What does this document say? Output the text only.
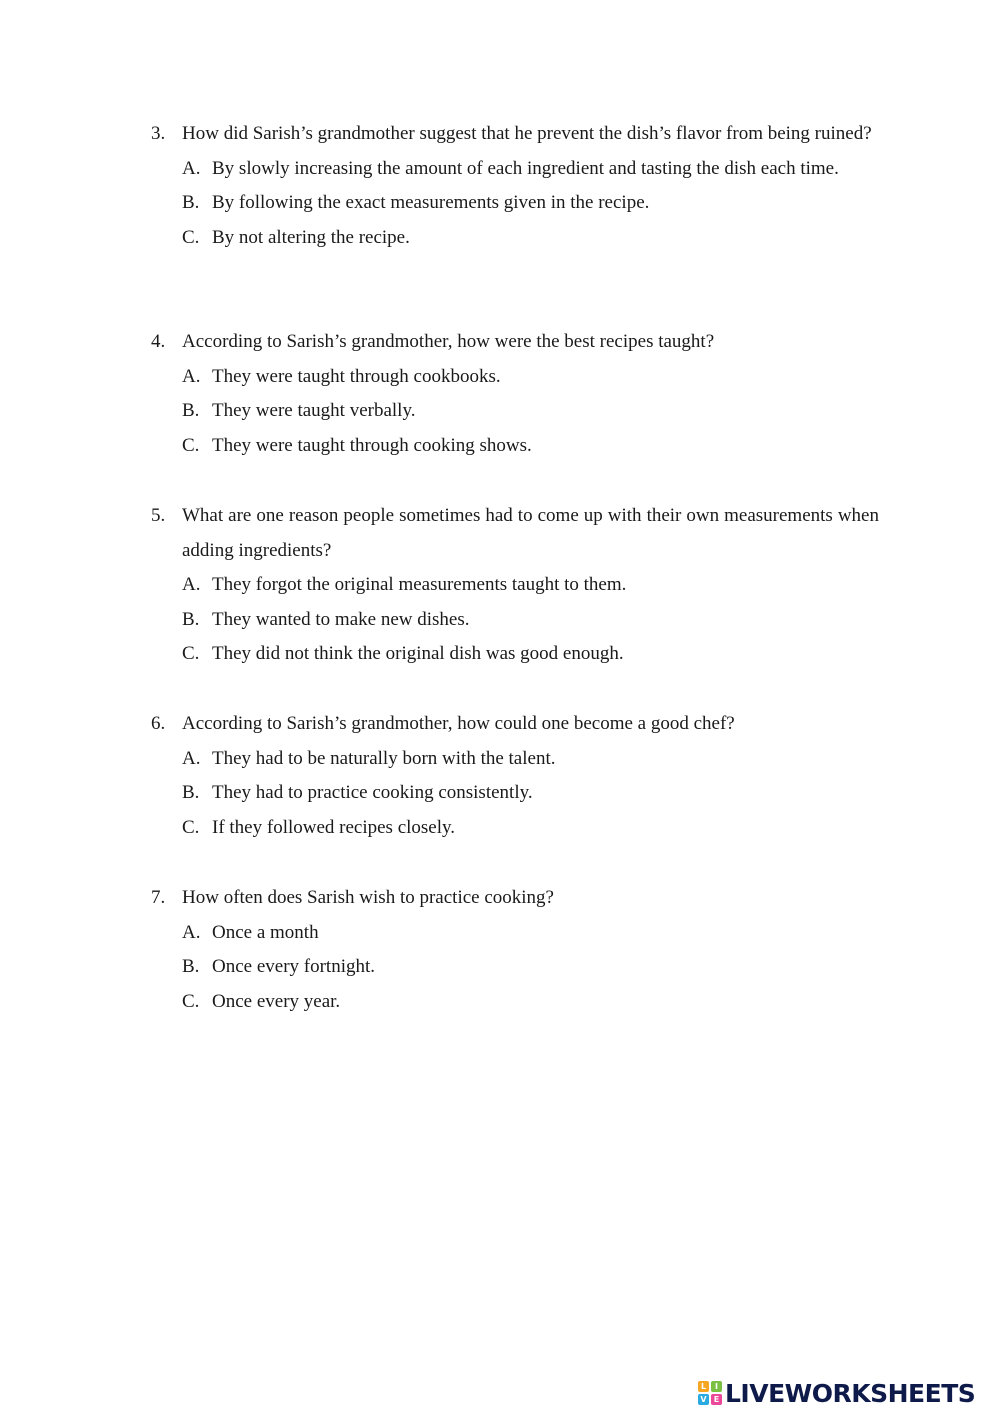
3. How did Sarish’s grandmother suggest that he prevent the dish’s flavor from being ruined?
A. By slowly increasing the amount of each ingredient and tasting the dish each time.
B. By following the exact measurements given in the recipe.
C. By not altering the recipe.
4. According to Sarish’s grandmother, how were the best recipes taught?
A. They were taught through cookbooks.
B. They were taught verbally.
C. They were taught through cooking shows.
5. What are one reason people sometimes had to come up with their own measurements when adding ingredients?
A. They forgot the original measurements taught to them.
B. They wanted to make new dishes.
C. They did not think the original dish was good enough.
6. According to Sarish’s grandmother, how could one become a good chef?
A. They had to be naturally born with the talent.
B. They had to practice cooking consistently.
C. If they followed recipes closely.
7. How often does Sarish wish to practice cooking?
A. Once a month
B. Once every fortnight.
C. Once every year.
L	I
V E LIVEWORKSHEETS
